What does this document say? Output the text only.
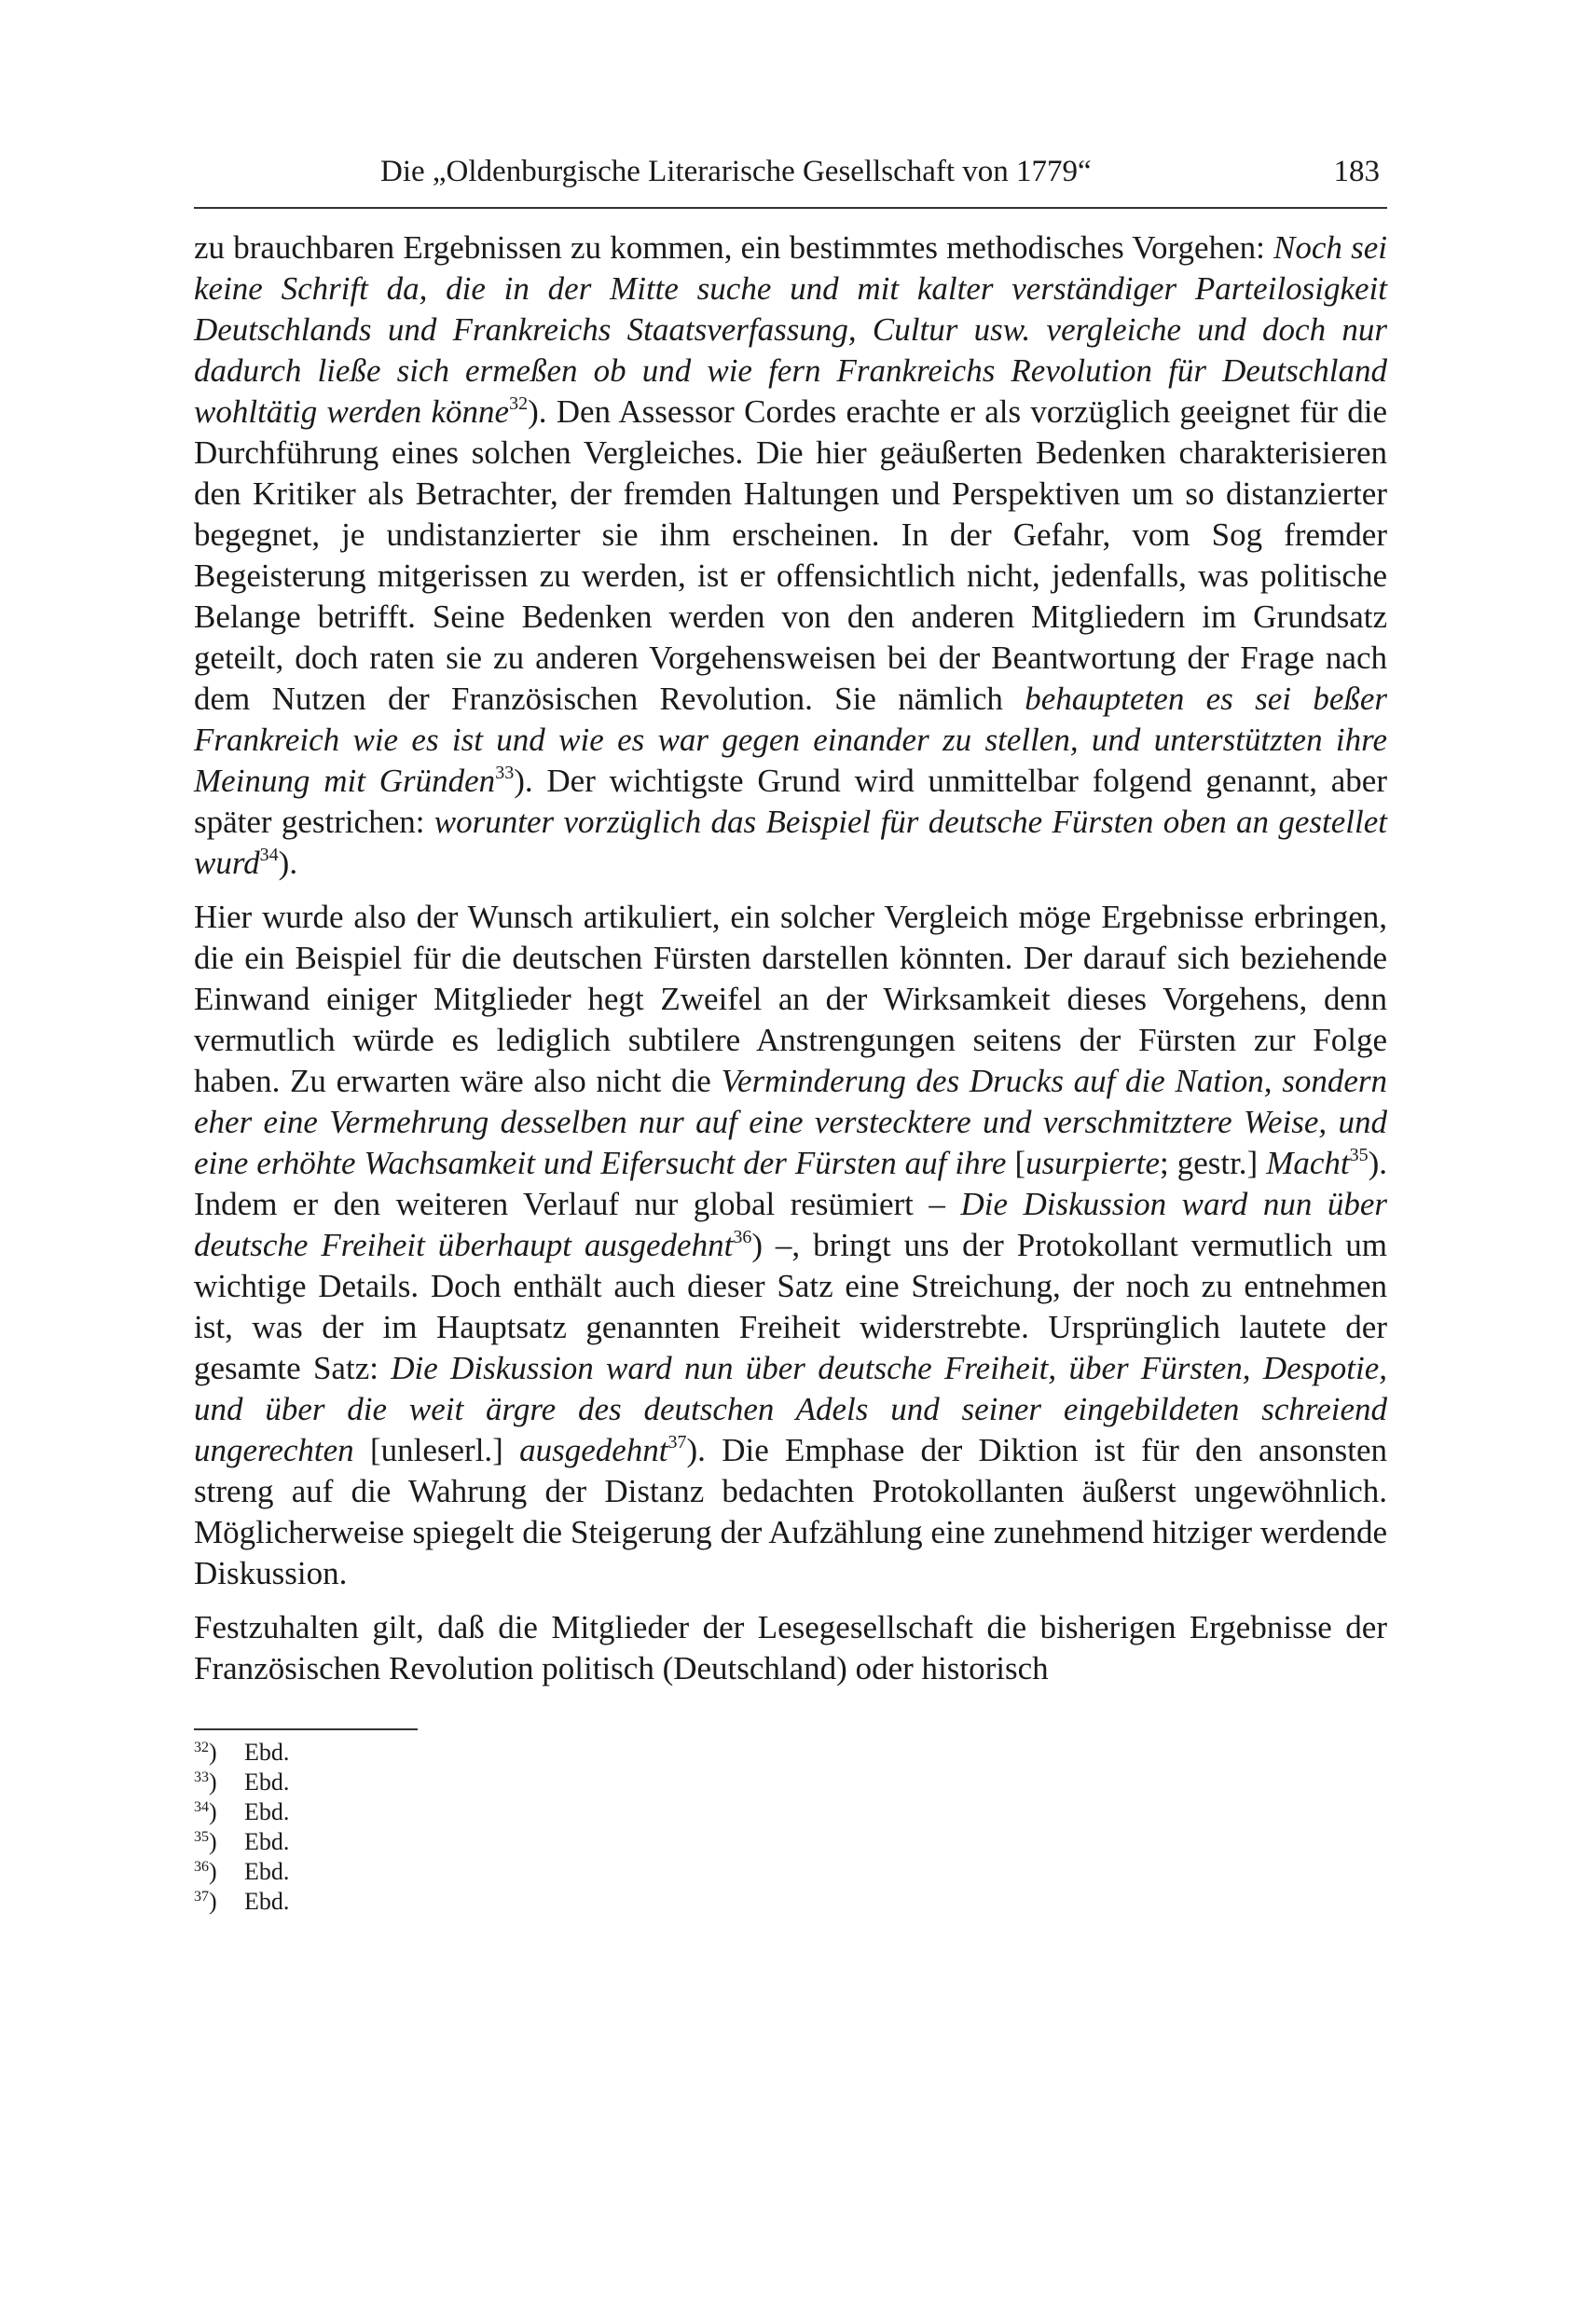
Die „Oldenburgische Literarische Gesellschaft von 1779“	183

zu brauchbaren Ergebnissen zu kommen, ein bestimmtes methodisches Vorgehen: Noch sei keine Schrift da, die in der Mitte suche und mit kalter verständiger Parteilosigkeit Deutschlands und Frankreichs Staatsverfassung, Cultur usw. vergleiche und doch nur dadurch ließe sich ermeßen ob und wie fern Frankreichs Revolution für Deutschland wohltätig werden könne$^{32}$). Den Assessor Cordes erachte er als vorzüglich geeignet für die Durchführung eines solchen Vergleiches. Die hier geäußerten Bedenken charakterisieren den Kritiker als Betrachter, der fremden Haltungen und Perspektiven um so distanzierter begegnet, je undistanzierter sie ihm erscheinen. In der Gefahr, vom Sog fremder Begeisterung mitgerissen zu werden, ist er offensichtlich nicht, jedenfalls, was politische Belange betrifft. Seine Bedenken werden von den anderen Mitgliedern im Grundsatz geteilt, doch raten sie zu anderen Vorgehensweisen bei der Beantwortung der Frage nach dem Nutzen der Französischen Revolution. Sie nämlich behaupteten es sei beßer Frankreich wie es ist und wie es war gegen einander zu stellen, und unterstützten ihre Meinung mit Gründen$^{33}$). Der wichtigste Grund wird unmittelbar folgend genannt, aber später gestrichen: worunter vorzüglich das Beispiel für deutsche Fürsten oben an gestellet wurd$^{34}$).

Hier wurde also der Wunsch artikuliert, ein solcher Vergleich möge Ergebnisse erbringen, die ein Beispiel für die deutschen Fürsten darstellen könnten. Der darauf sich beziehende Einwand einiger Mitglieder hegt Zweifel an der Wirksamkeit dieses Vorgehens, denn vermutlich würde es lediglich subtilere Anstrengungen seitens der Fürsten zur Folge haben. Zu erwarten wäre also nicht die Verminderung des Drucks auf die Nation, sondern eher eine Vermehrung desselben nur auf eine verstecktere und verschmitztere Weise, und eine erhöhte Wachsamkeit und Eifersucht der Fürsten auf ihre [usurpierte; gestr.] Macht$^{35}$). Indem er den weiteren Verlauf nur global resümiert – Die Diskussion ward nun über deutsche Freiheit überhaupt ausgedehnt$^{36}$) –, bringt uns der Protokollant vermutlich um wichtige Details. Doch enthält auch dieser Satz eine Streichung, der noch zu entnehmen ist, was der im Hauptsatz genannten Freiheit widerstrebte. Ursprünglich lautete der gesamte Satz: Die Diskussion ward nun über deutsche Freiheit, über Fürsten, Despotie, und über die weit ärgre des deutschen Adels und seiner eingebildeten schreiend ungerechten [unleserl.] ausgedehnt$^{37}$). Die Emphase der Diktion ist für den ansonsten streng auf die Wahrung der Distanz bedachten Protokollanten äußerst ungewöhnlich. Möglicherweise spiegelt die Steigerung der Aufzählung eine zunehmend hitziger werdende Diskussion.

Festzuhalten gilt, daß die Mitglieder der Lesegesellschaft die bisherigen Ergebnisse der Französischen Revolution politisch (Deutschland) oder historisch

$^{32}$)	Ebd.
$^{33}$)	Ebd.
$^{34}$)	Ebd.
$^{35}$)	Ebd.
$^{36}$)	Ebd.
$^{37}$)	Ebd.
